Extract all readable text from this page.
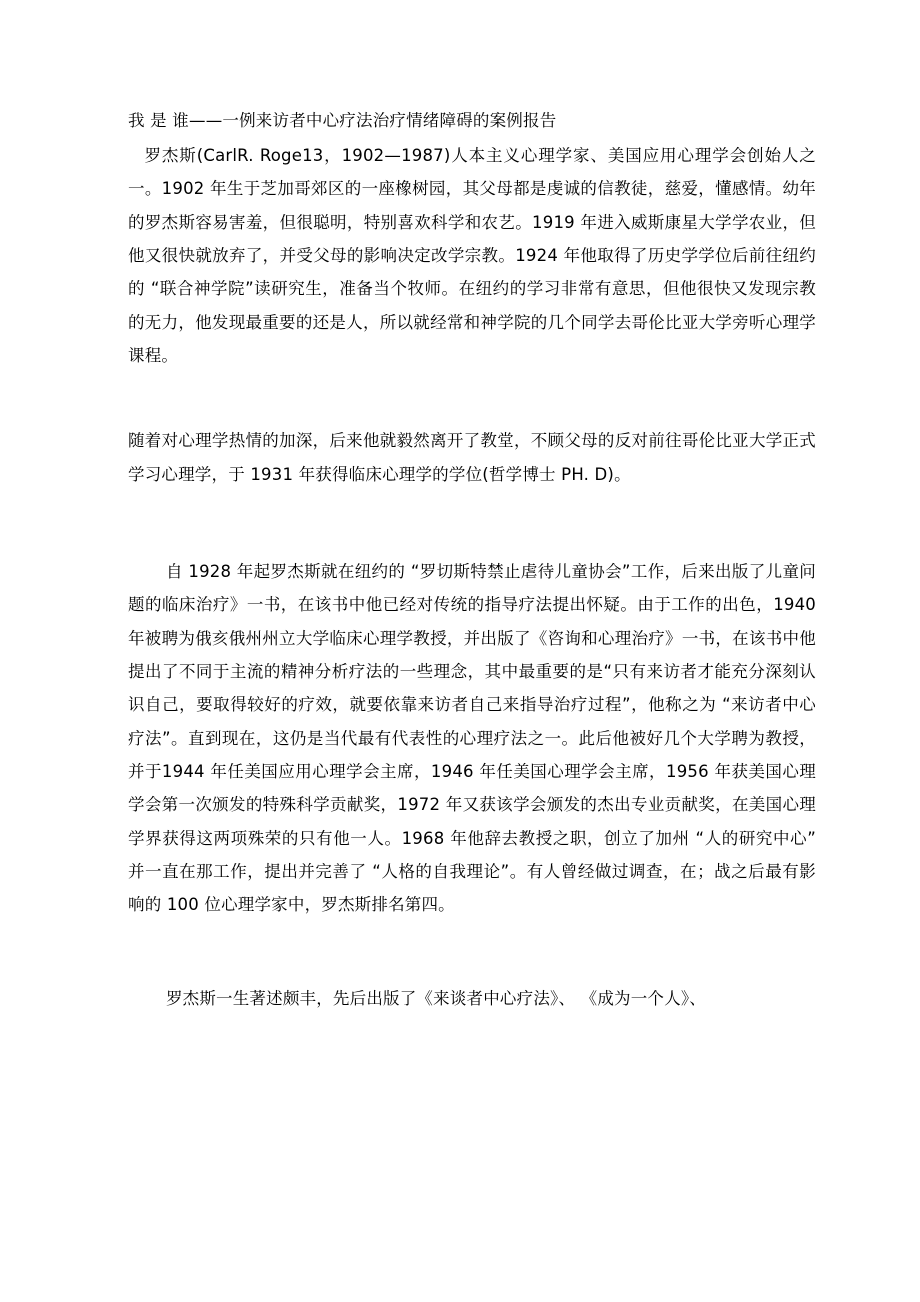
我 是 谁——一例来访者中心疗法治疗情绪障碍的案例报告

罗杰斯(CarlR. Roge13，1902—1987)人本主义心理学家、美国应用心理学会创始人之一。1902 年生于芝加哥郊区的一座橡树园，其父母都是虔诚的信教徒，慈爱，懂感情。幼年的罗杰斯容易害羞，但很聪明，特别喜欢科学和农艺。1919 年进入威斯康星大学学农业，但他又很快就放弃了，并受父母的影响决定改学宗教。1924 年他取得了历史学学位后前往纽约的 “联合神学院”读研究生，准备当个牧师。在纽约的学习非常有意思，但他很快又发现宗教的无力，他发现最重要的还是人，所以就经常和神学院的几个同学去哥伦比亚大学旁听心理学课程。

随着对心理学热情的加深，后来他就毅然离开了教堂，不顾父母的反对前往哥伦比亚大学正式学习心理学，于 1931 年获得临床心理学的学位(哲学博士 PH. D)。

自 1928 年起罗杰斯就在纽约的 “罗切斯特禁止虐待儿童协会”工作，后来出版了儿童问题的临床治疗》一书，在该书中他已经对传统的指导疗法提出怀疑。由于工作的出色，1940 年被聘为俄亥俄州州立大学临床心理学教授，并出版了《咨询和心理治疗》一书，在该书中他提出了不同于主流的精神分析疗法的一些理念，其中最重要的是“只有来访者才能充分深刻认识自己，要取得较好的疗效，就要依靠来访者自己来指导治疗过程”，他称之为 “来访者中心疗法”。直到现在，这仍是当代最有代表性的心理疗法之一。此后他被好几个大学聘为教授，并于1944 年任美国应用心理学会主席，1946 年任美国心理学会主席，1956 年获美国心理学会第一次颁发的特殊科学贡献奖，1972 年又获该学会颁发的杰出专业贡献奖，在美国心理学界获得这两项殊荣的只有他一人。1968 年他辞去教授之职，创立了加州 “人的研究中心”并一直在那工作，提出并完善了 “人格的自我理论”。有人曾经做过调查，在；战之后最有影响的 100 位心理学家中，罗杰斯排名第四。

罗杰斯一生著述颇丰，先后出版了《来谈者中心疗法》、 《成为一个人》、
